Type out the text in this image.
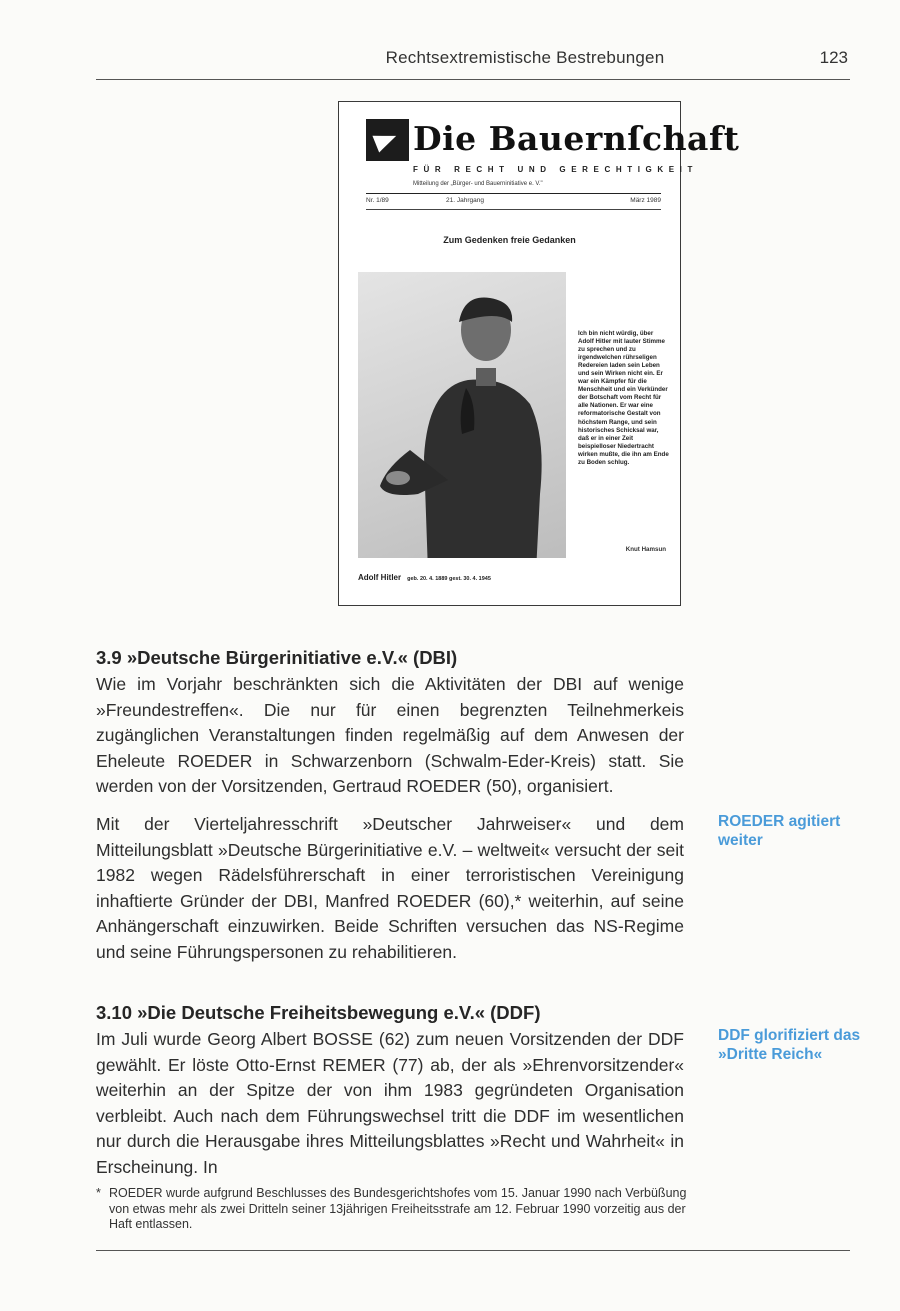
Rechtsextremistische Bestrebungen	123
Die Bauernſchaft
FÜR RECHT UND GERECHTIGKEIT
Mitteilung der „Bürger- und Bauerninitiative e. V."
Nr. 1/89	21. Jahrgang	März 1989
Zum Gedenken freie Gedanken
Ich bin nicht würdig, über Adolf Hitler mit lauter Stimme zu sprechen und zu irgendwelchen rührseligen Redereien laden sein Leben und sein Wirken nicht ein. Er war ein Kämpfer für die Menschheit und ein Verkünder der Botschaft vom Recht für alle Nationen. Er war eine reformatorische Gestalt von höchstem Range, und sein historisches Schicksal war, daß er in einer Zeit beispielloser Niedertracht wirken mußte, die ihn am Ende zu Boden schlug.
Knut Hamsun
Adolf Hitler geb. 20. 4. 1889 gest. 30. 4. 1945
3.9 »Deutsche Bürgerinitiative e.V.« (DBI)

Wie im Vorjahr beschränkten sich die Aktivitäten der DBI auf wenige »Freundestreffen«. Die nur für einen begrenzten Teilnehmerkeis zugänglichen Veranstaltungen finden regelmäßig auf dem Anwesen der Eheleute ROEDER in Schwarzenborn (Schwalm-Eder-Kreis) statt. Sie werden von der Vorsitzenden, Gertraud ROEDER (50), organisiert.

Mit der Vierteljahresschrift »Deutscher Jahrweiser« und dem Mitteilungsblatt »Deutsche Bürgerinitiative e.V. – weltweit« versucht der seit 1982 wegen Rädelsführerschaft in einer terroristischen Vereinigung inhaftierte Gründer der DBI, Manfred ROEDER (60),* weiterhin, auf seine Anhängerschaft einzuwirken. Beide Schriften versuchen das NS-Regime und seine Führungspersonen zu rehabilitieren.

ROEDER agitiert weiter
3.10 »Die Deutsche Freiheitsbewegung e.V.« (DDF)

Im Juli wurde Georg Albert BOSSE (62) zum neuen Vorsitzenden der DDF gewählt. Er löste Otto-Ernst REMER (77) ab, der als »Ehrenvorsitzender« weiterhin an der Spitze der von ihm 1983 gegründeten Organisation verbleibt. Auch nach dem Führungswechsel tritt die DDF im wesentlichen nur durch die Herausgabe ihres Mitteilungsblattes »Recht und Wahrheit« in Erscheinung. In

DDF glorifiziert das »Dritte Reich«
* ROEDER wurde aufgrund Beschlusses des Bundesgerichtshofes vom 15. Januar 1990 nach Verbüßung von etwas mehr als zwei Dritteln seiner 13jährigen Freiheitsstrafe am 12. Februar 1990 vorzeitig aus der Haft entlassen.
